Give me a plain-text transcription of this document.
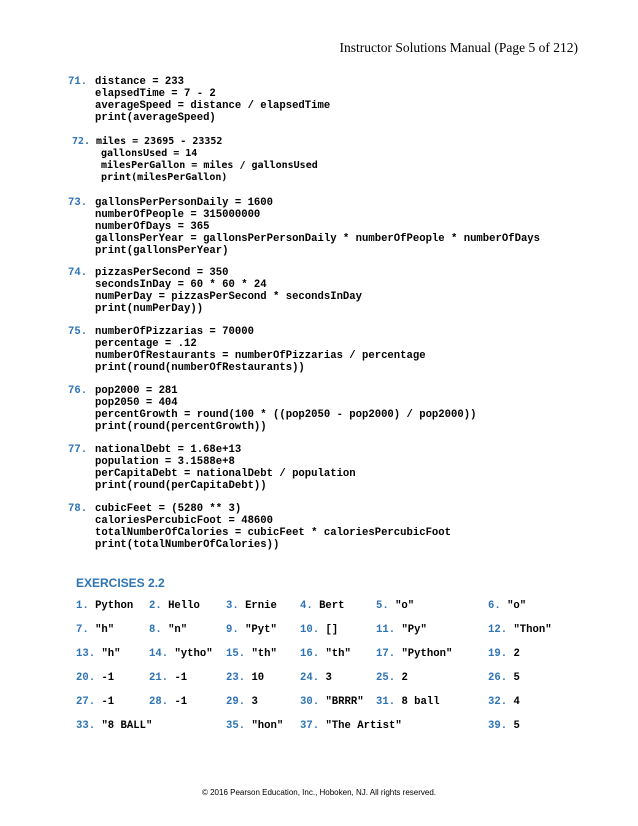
Instructor Solutions Manual (Page 5 of 212)
71. distance = 233
elapsedTime = 7 - 2
averageSpeed = distance / elapsedTime
print(averageSpeed)
72. miles = 23695 - 23352
gallonsUsed = 14
milesPerGallon = miles / gallonsUsed
print(milesPerGallon)
73. gallonsPerPersonDaily = 1600
numberOfPeople = 315000000
numberOfDays = 365
gallonsPerYear = gallonsPerPersonDaily * numberOfPeople * numberOfDays
print(gallonsPerYear)
74. pizzasPerSecond = 350
secondsInDay = 60 * 60 * 24
numPerDay = pizzasPerSecond * secondsInDay
print(numPerDay))
75. numberOfPizzarias = 70000
percentage = .12
numberOfRestaurants = numberOfPizzarias / percentage
print(round(numberOfRestaurants))
76. pop2000 = 281
pop2050 = 404
percentGrowth = round(100 * ((pop2050 - pop2000) / pop2000))
print(round(percentGrowth))
77. nationalDebt = 1.68e+13
population = 3.1588e+8
perCapitaDebt = nationalDebt / population
print(round(perCapitaDebt))
78. cubicFeet = (5280 ** 3)
caloriesPercubicFoot = 48600
totalNumberOfCalories = cubicFeet * caloriesPercubicFoot
print(totalNumberOfCalories))
EXERCISES 2.2
1. Python 2. Hello 3. Ernie 4. Bert	5. "o"	6. "o"
7. "h"	8. "n"	9. "Pyt" 10. []	11. "Py"	12. "Thon"
13. "h"	14. "ytho" 15. "th" 16. "th" 17. "Python"	19. 2
20. -1	21. -1	23. 10	24. 3	25. 2	26. 5
27. -1	28. -1	29. 3	30. "BRRR" 31. 8 ball	32. 4
33. "8 BALL"	35. "hon" 37. "The Artist"	39. 5
© 2016 Pearson Education, Inc., Hoboken, NJ. All rights reserved.
